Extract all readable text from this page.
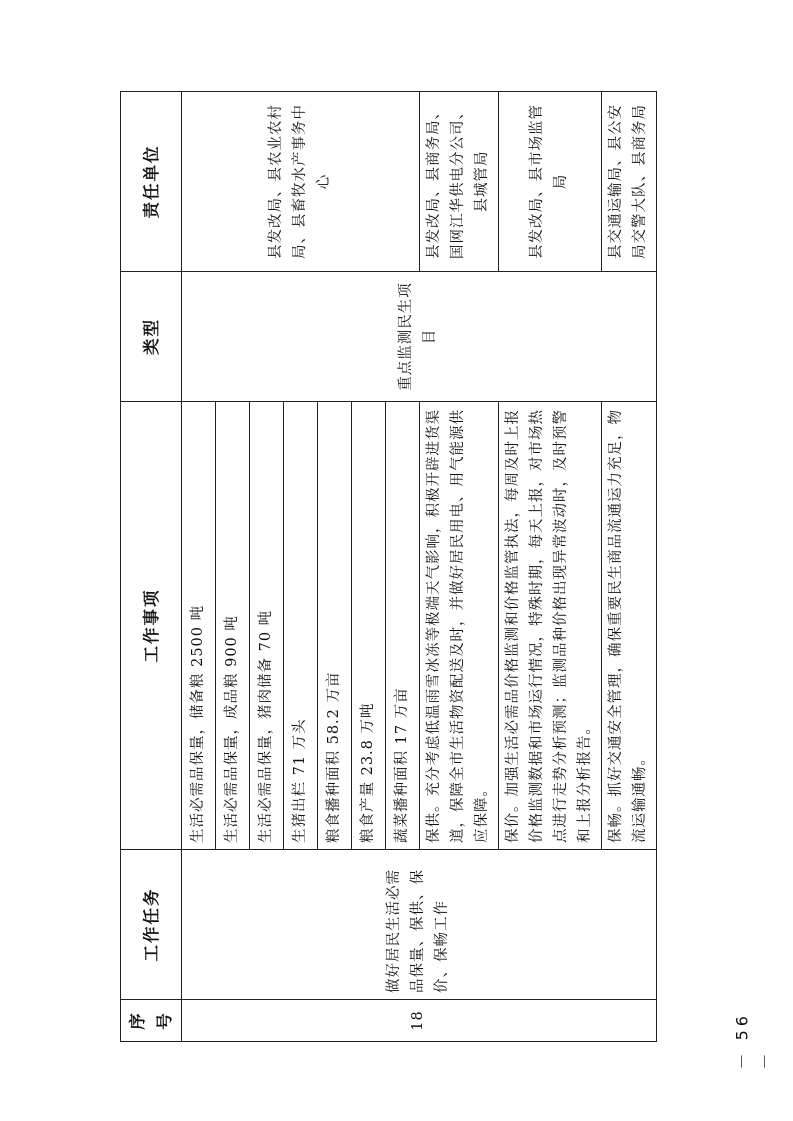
序号	工作任务	工作事项	类型	责任单位
18	做好居民生活必需品保量、保供、保价、保畅工作	生活必需品保量，储备粮 2500 吨	重点监测民生项目	县发改局、县农业农村局、县畜牧水产事务中心
		生活必需品保量，成品粮 900 吨		
		生活必需品保量，猪肉储备 70 吨		
		生猪出栏 71 万头		
		粮食播种面积 58.2 万亩		
		粮食产量 23.8 万吨		
		蔬菜播种面积 17 万亩		
		保供。充分考虑低温雨雪冰冻等极端天气影响，积极开辟进货渠道，保障全市生活物资配送及时，并做好居民用电、用气能源供应保障。		县发改局、县商务局、国网江华供电分公司、县城管局
		保价。加强生活必需品价格监测和价格监管执法，每周及时上报价格监测数据和市场运行情况，特殊时期，每天上报，对市场热点进行走势分析预测；监测品种价格出现异常波动时，及时预警和上报分析报告。		县发改局、县市场监管局
		保畅。抓好交通安全管理，确保重要民生商品流通运力充足，物流运输通畅。		县交通运输局、县公安局交警大队、县商务局
－ 56 －
